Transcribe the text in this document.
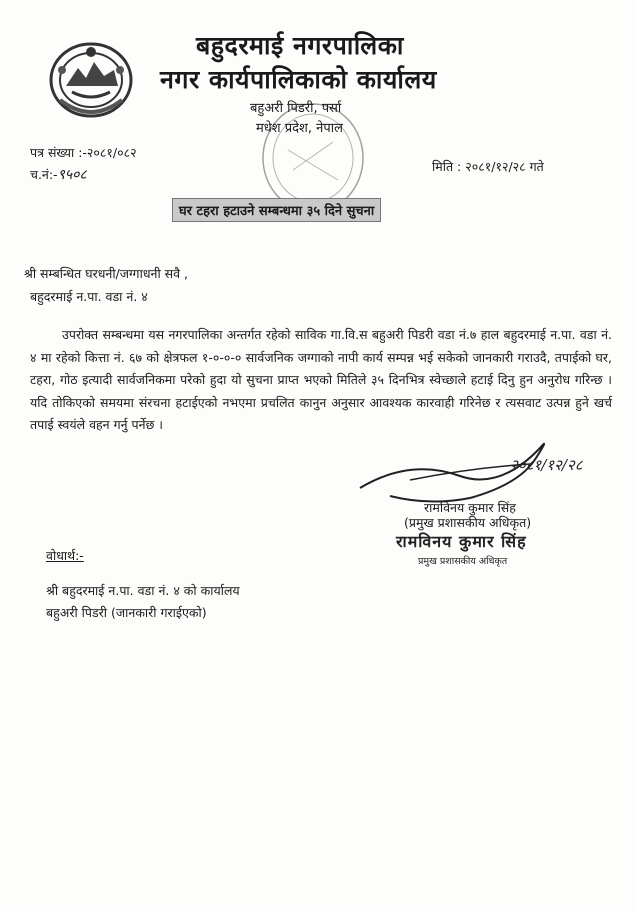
बहुदरमाई नगरपालिका
नगर कार्यपालिकाको कार्यालय
बहुअरी पिडरी, पर्सा
मधेश प्रदेश, नेपाल
पत्र संख्या :-२०८१/०८२
च.नं:-९५०८
मिति : २०८१/१२/२८ गते
घर टहरा हटाउने सम्बन्धमा ३५ दिने सुचना
श्री सम्बन्धित घरधनी/जग्गाधनी सवै ,
बहुदरमाई न.पा. वडा नं. ४

उपरोक्त सम्बन्धमा यस नगरपालिका अन्तर्गत रहेको साविक गा.वि.स बहुअरी पिडरी वडा नं.७ हाल बहुदरमाई न.पा. वडा नं. ४ मा रहेको कित्ता नं. ६७ को क्षेत्रफल १-०-०-० सार्वजनिक जग्गाको नापी कार्य सम्पन्न भई सकेको जानकारी गराउदै, तपाईको घर, टहरा, गोठ इत्यादी सार्वजनिकमा परेको हुदा यो सुचना प्राप्त भएको मितिले ३५ दिनभित्र स्वेच्छाले हटाई दिनु हुन अनुरोध गरिन्छ । यदि तोकिएको समयमा संरचना हटाईएको नभएमा प्रचलित कानुन अनुसार आवश्यक कारवाही गरिनेछ र त्यसवाट उत्पन्न हुने खर्च तपाई स्वयंले वहन गर्नु पर्नेछ ।

२०८१/१२/२८
रामविनय कुमार सिंह
(प्रमुख प्रशासकीय अधिकृत)
रामविनय कुमार सिंह
प्रमुख प्रशासकीय अधिकृत
वोधार्थ:-
श्री बहुदरमाई न.पा. वडा नं. ४ को कार्यालय
बहुअरी पिडरी (जानकारी गराईएको)
